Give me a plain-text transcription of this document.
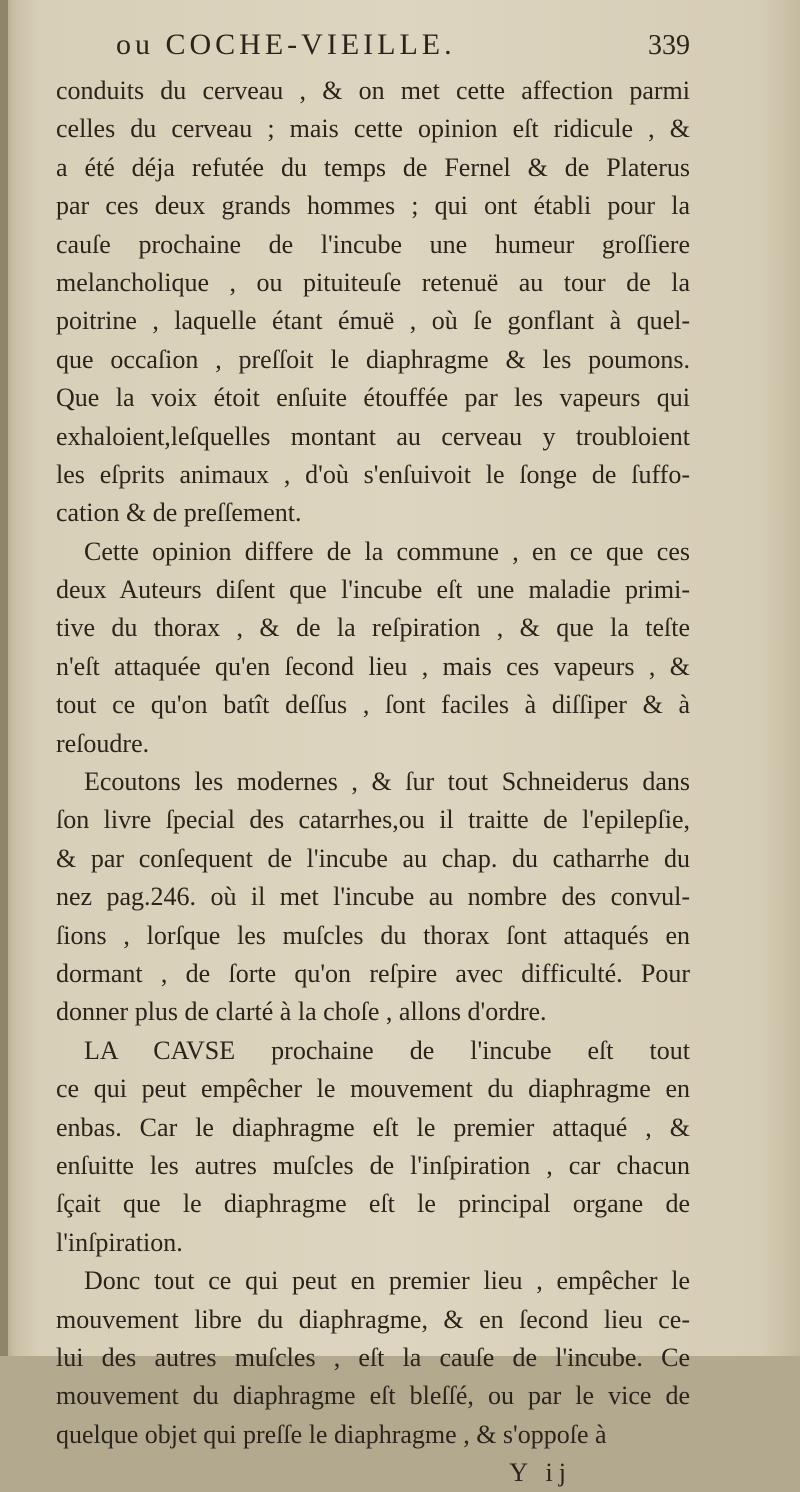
ou COCHE-VIEILLE.	339
conduits du cerveau , & on met cette affection parmi
celles du cerveau ; mais cette opinion eſt ridicule , &
a été déja refutée du temps de Fernel & de Platerus
par ces deux grands hommes ; qui ont établi pour la
cauſe prochaine de l'incube une humeur groſſiere
melancholique , ou pituiteuſe retenuë au tour de la
poitrine , laquelle étant émuë , où ſe gonflant à quel-
que occaſion , preſſoit le diaphragme & les poumons.
Que la voix étoit enſuite étouffée par les vapeurs qui
exhaloient,leſquelles montant au cerveau y troubloient
les eſprits animaux , d'où s'enſuivoit le ſonge de ſuffo-
cation & de preſſement.
Cette opinion differe de la commune , en ce que ces
deux Auteurs diſent que l'incube eſt une maladie primi-
tive du thorax , & de la reſpiration , & que la teſte
n'eſt attaquée qu'en ſecond lieu , mais ces vapeurs , &
tout ce qu'on batît deſſus , ſont faciles à diſſiper & à
reſoudre.
Ecoutons les modernes , & ſur tout Schneiderus dans
ſon livre ſpecial des catarrhes,ou il traitte de l'epilepſie,
& par conſequent de l'incube au chap. du catharrhe du
nez pag.246. où il met l'incube au nombre des convul-
ſions , lorſque les muſcles du thorax ſont attaqués en
dormant , de ſorte qu'on reſpire avec difficulté. Pour
donner plus de clarté à la choſe , allons d'ordre.
LA CAVSE prochaine de l'incube eſt tout
ce qui peut empêcher le mouvement du diaphragme en
enbas. Car le diaphragme eſt le premier attaqué , &
enſuitte les autres muſcles de l'inſpiration , car chacun
ſçait que le diaphragme eſt le principal organe de
l'inſpiration.
Donc tout ce qui peut en premier lieu , empêcher le
mouvement libre du diaphragme, & en ſecond lieu ce-
lui des autres muſcles , eſt la cauſe de l'incube. Ce
mouvement du diaphragme eſt bleſſé, ou par le vice de
quelque objet qui preſſe le diaphragme , & s'oppoſe à
Y ij
